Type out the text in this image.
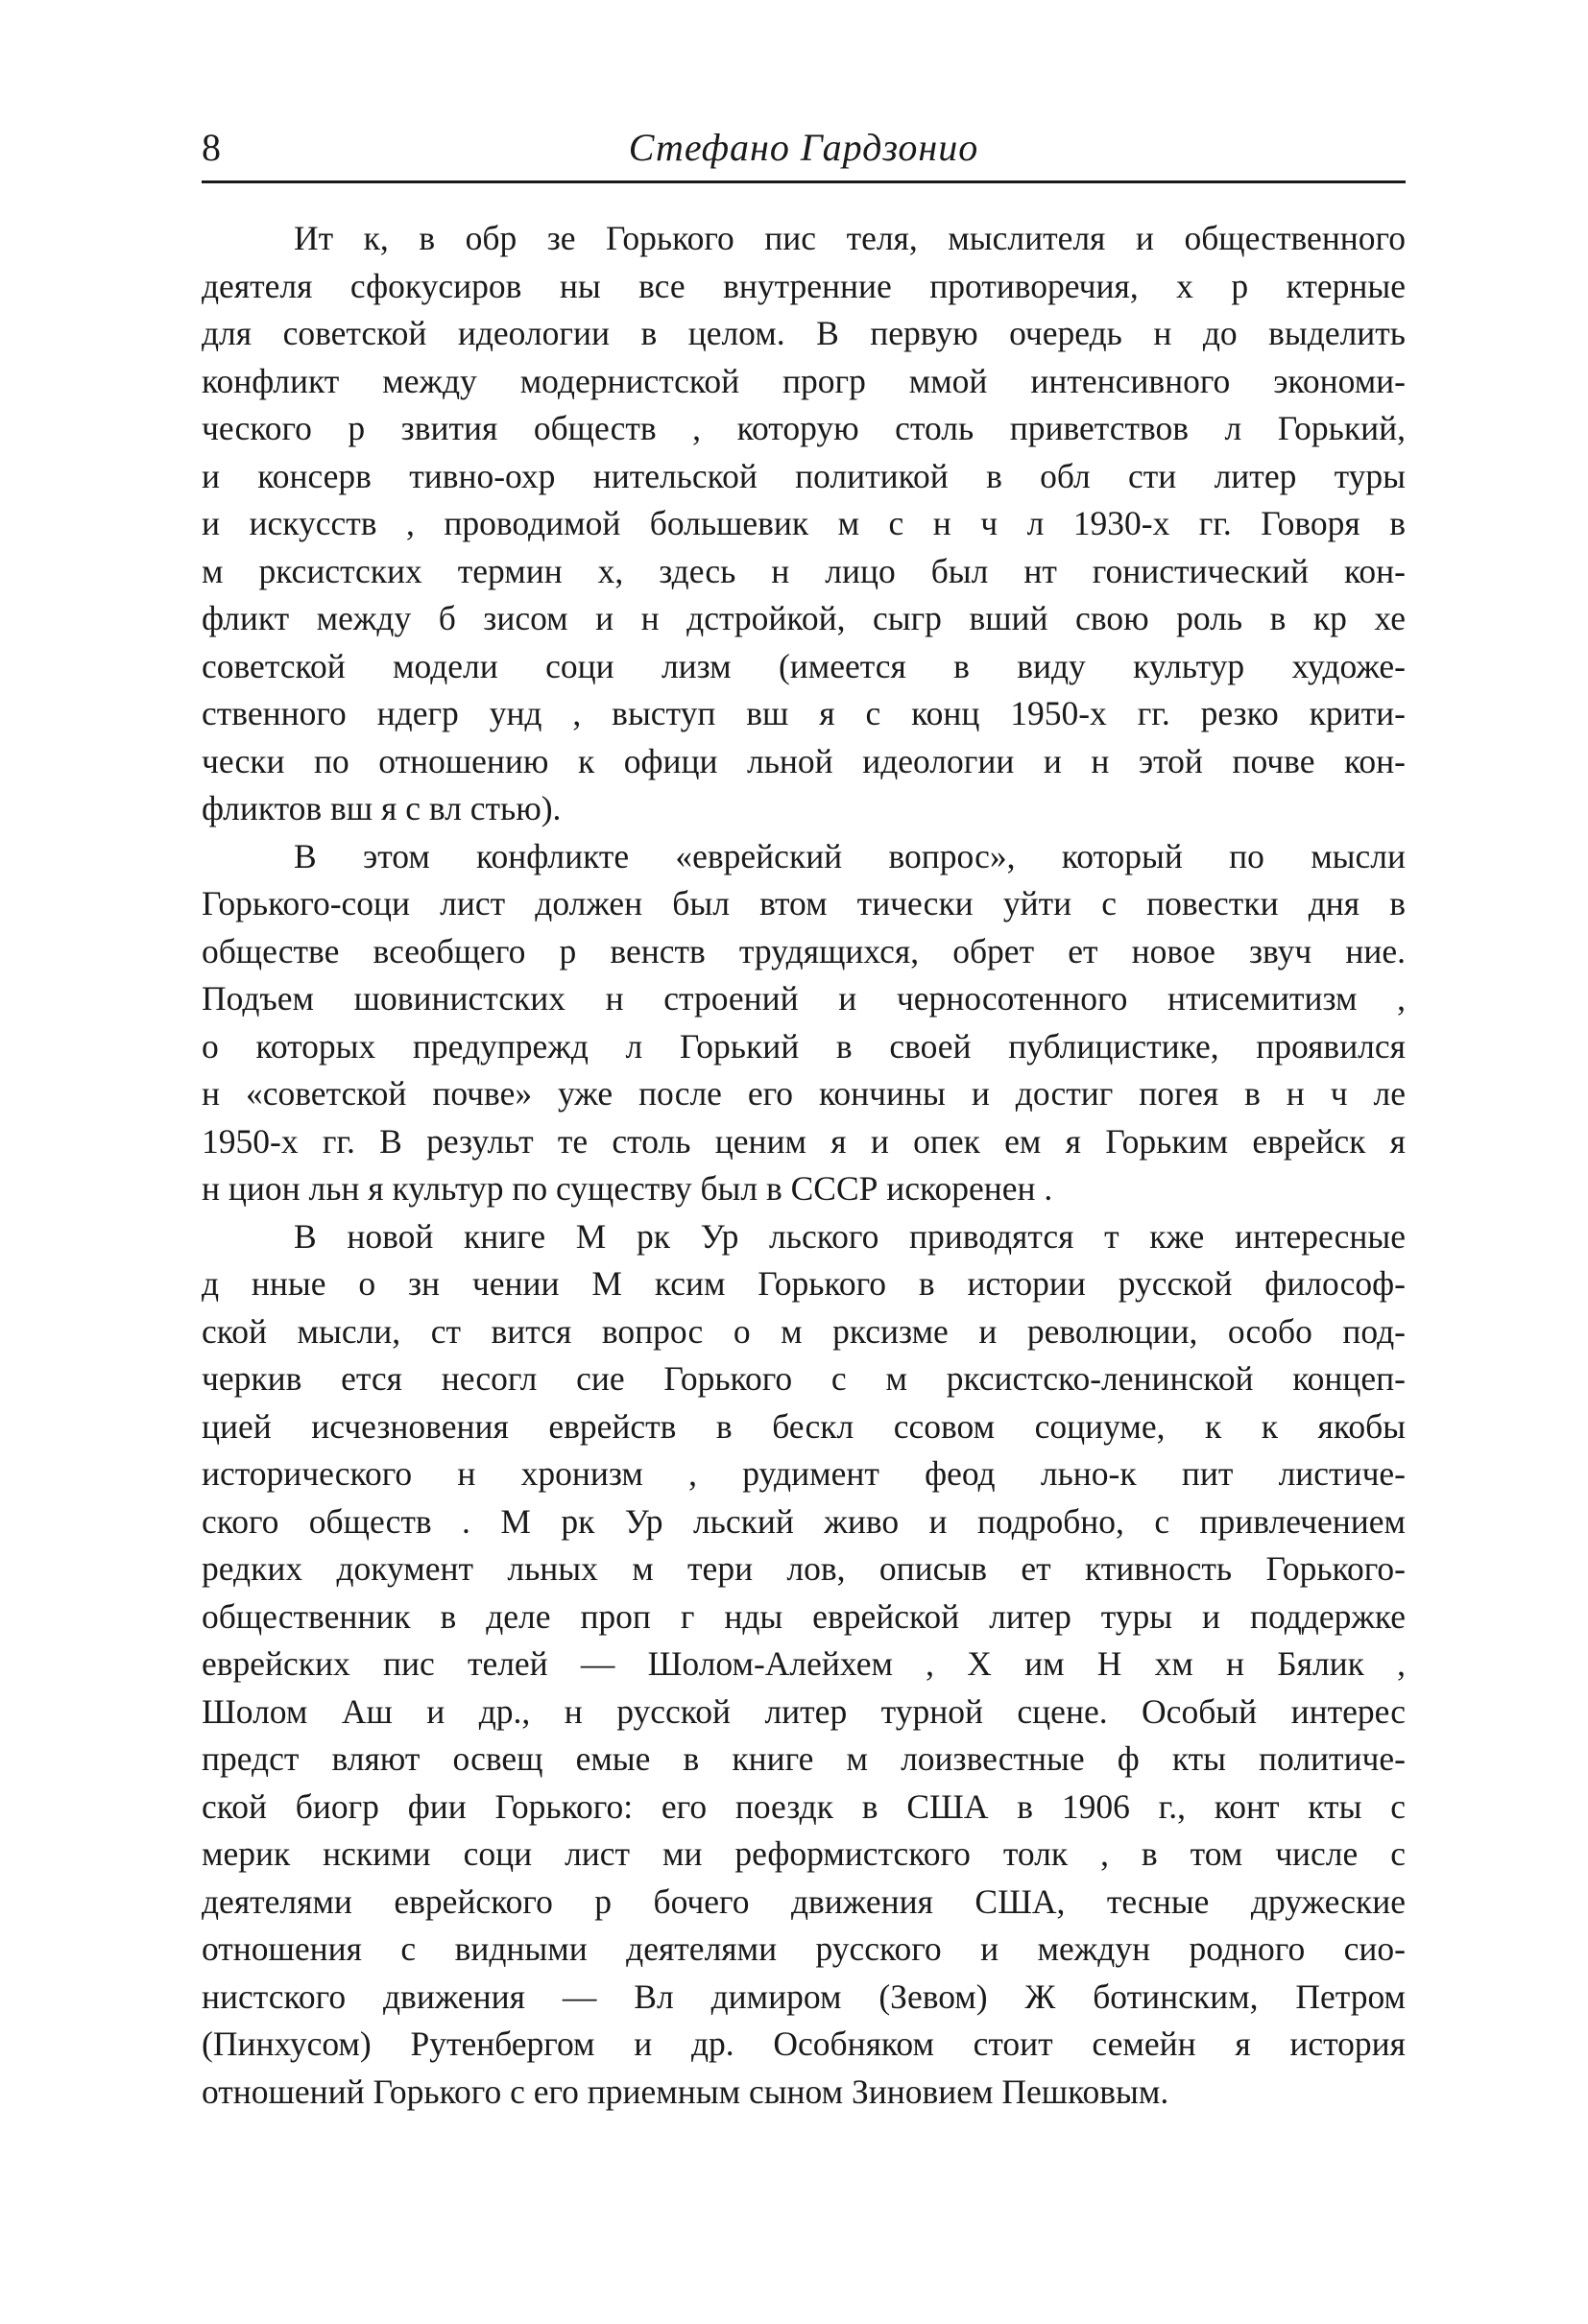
8	Стефано Гардзонио
Ит к, в обр зе Горького пис теля, мыслителя и общественного
деятеля сфокусиров ны все внутренние противоречия, х р ктерные
для советской идеологии в целом. В первую очередь н до выделить
конфликт между модернистской прогр ммой интенсивного экономи-
ческого р звития обществ , которую столь приветствов л Горький,
и консерв тивно-охр нительской политикой в обл сти литер туры
и искусств , проводимой большевик м с н ч л 1930-х гг. Говоря в
м рксистских термин х, здесь н лицо был нт гонистический кон-
фликт между б зисом и н дстройкой, сыгр вший свою роль в кр хе
советской модели соци лизм (имеется в виду культур художе-
ственного ндегр унд , выступ вш я с конц 1950-х гг. резко крити-
чески по отношению к офици льной идеологии и н этой почве кон-
фликтов вш я с вл стью).
В этом конфликте «еврейский вопрос», который по мысли
Горького-соци лист должен был втом тически уйти с повестки дня в
обществе всеобщего р венств трудящихся, обрет ет новое звуч ние.
Подъем шовинистских н строений и черносотенного нтисемитизм ,
о которых предупрежд л Горький в своей публицистике, проявился
н «советской почве» уже после его кончины и достиг погея в н ч ле
1950-х гг. В результ те столь ценим я и опек ем я Горьким еврейск я
н цион льн я культур по существу был в СССР искоренен .
В новой книге М рк Ур льского приводятся т кже интересные
д нные о зн чении М ксим Горького в истории русской философ-
ской мысли, ст вится вопрос о м рксизме и революции, особо под-
черкив ется несогл сие Горького с м рксистско-ленинской концеп-
цией исчезновения еврейств в бескл ссовом социуме, к к якобы
исторического н хронизм , рудимент феод льно-к пит листиче-
ского обществ . М рк Ур льский живо и подробно, с привлечением
редких документ льных м тери лов, описыв ет ктивность Горького-
общественник в деле проп г нды еврейской литер туры и поддержке
еврейских пис телей — Шолом-Алейхем , Х им Н хм н Бялик ,
Шолом Аш и др., н русской литер турной сцене. Особый интерес
предст вляют освещ емые в книге м лоизвестные ф кты политиче-
ской биогр фии Горького: его поездк в США в 1906 г., конт кты с
мерик нскими соци лист ми реформистского толк , в том числе с
деятелями еврейского р бочего движения США, тесные дружеские
отношения с видными деятелями русского и междун родного сио-
нистского движения — Вл димиром (Зевом) Ж ботинским, Петром
(Пинхусом) Рутенбергом и др. Особняком стоит семейн я история
отношений Горького с его приемным сыном Зиновием Пешковым.
